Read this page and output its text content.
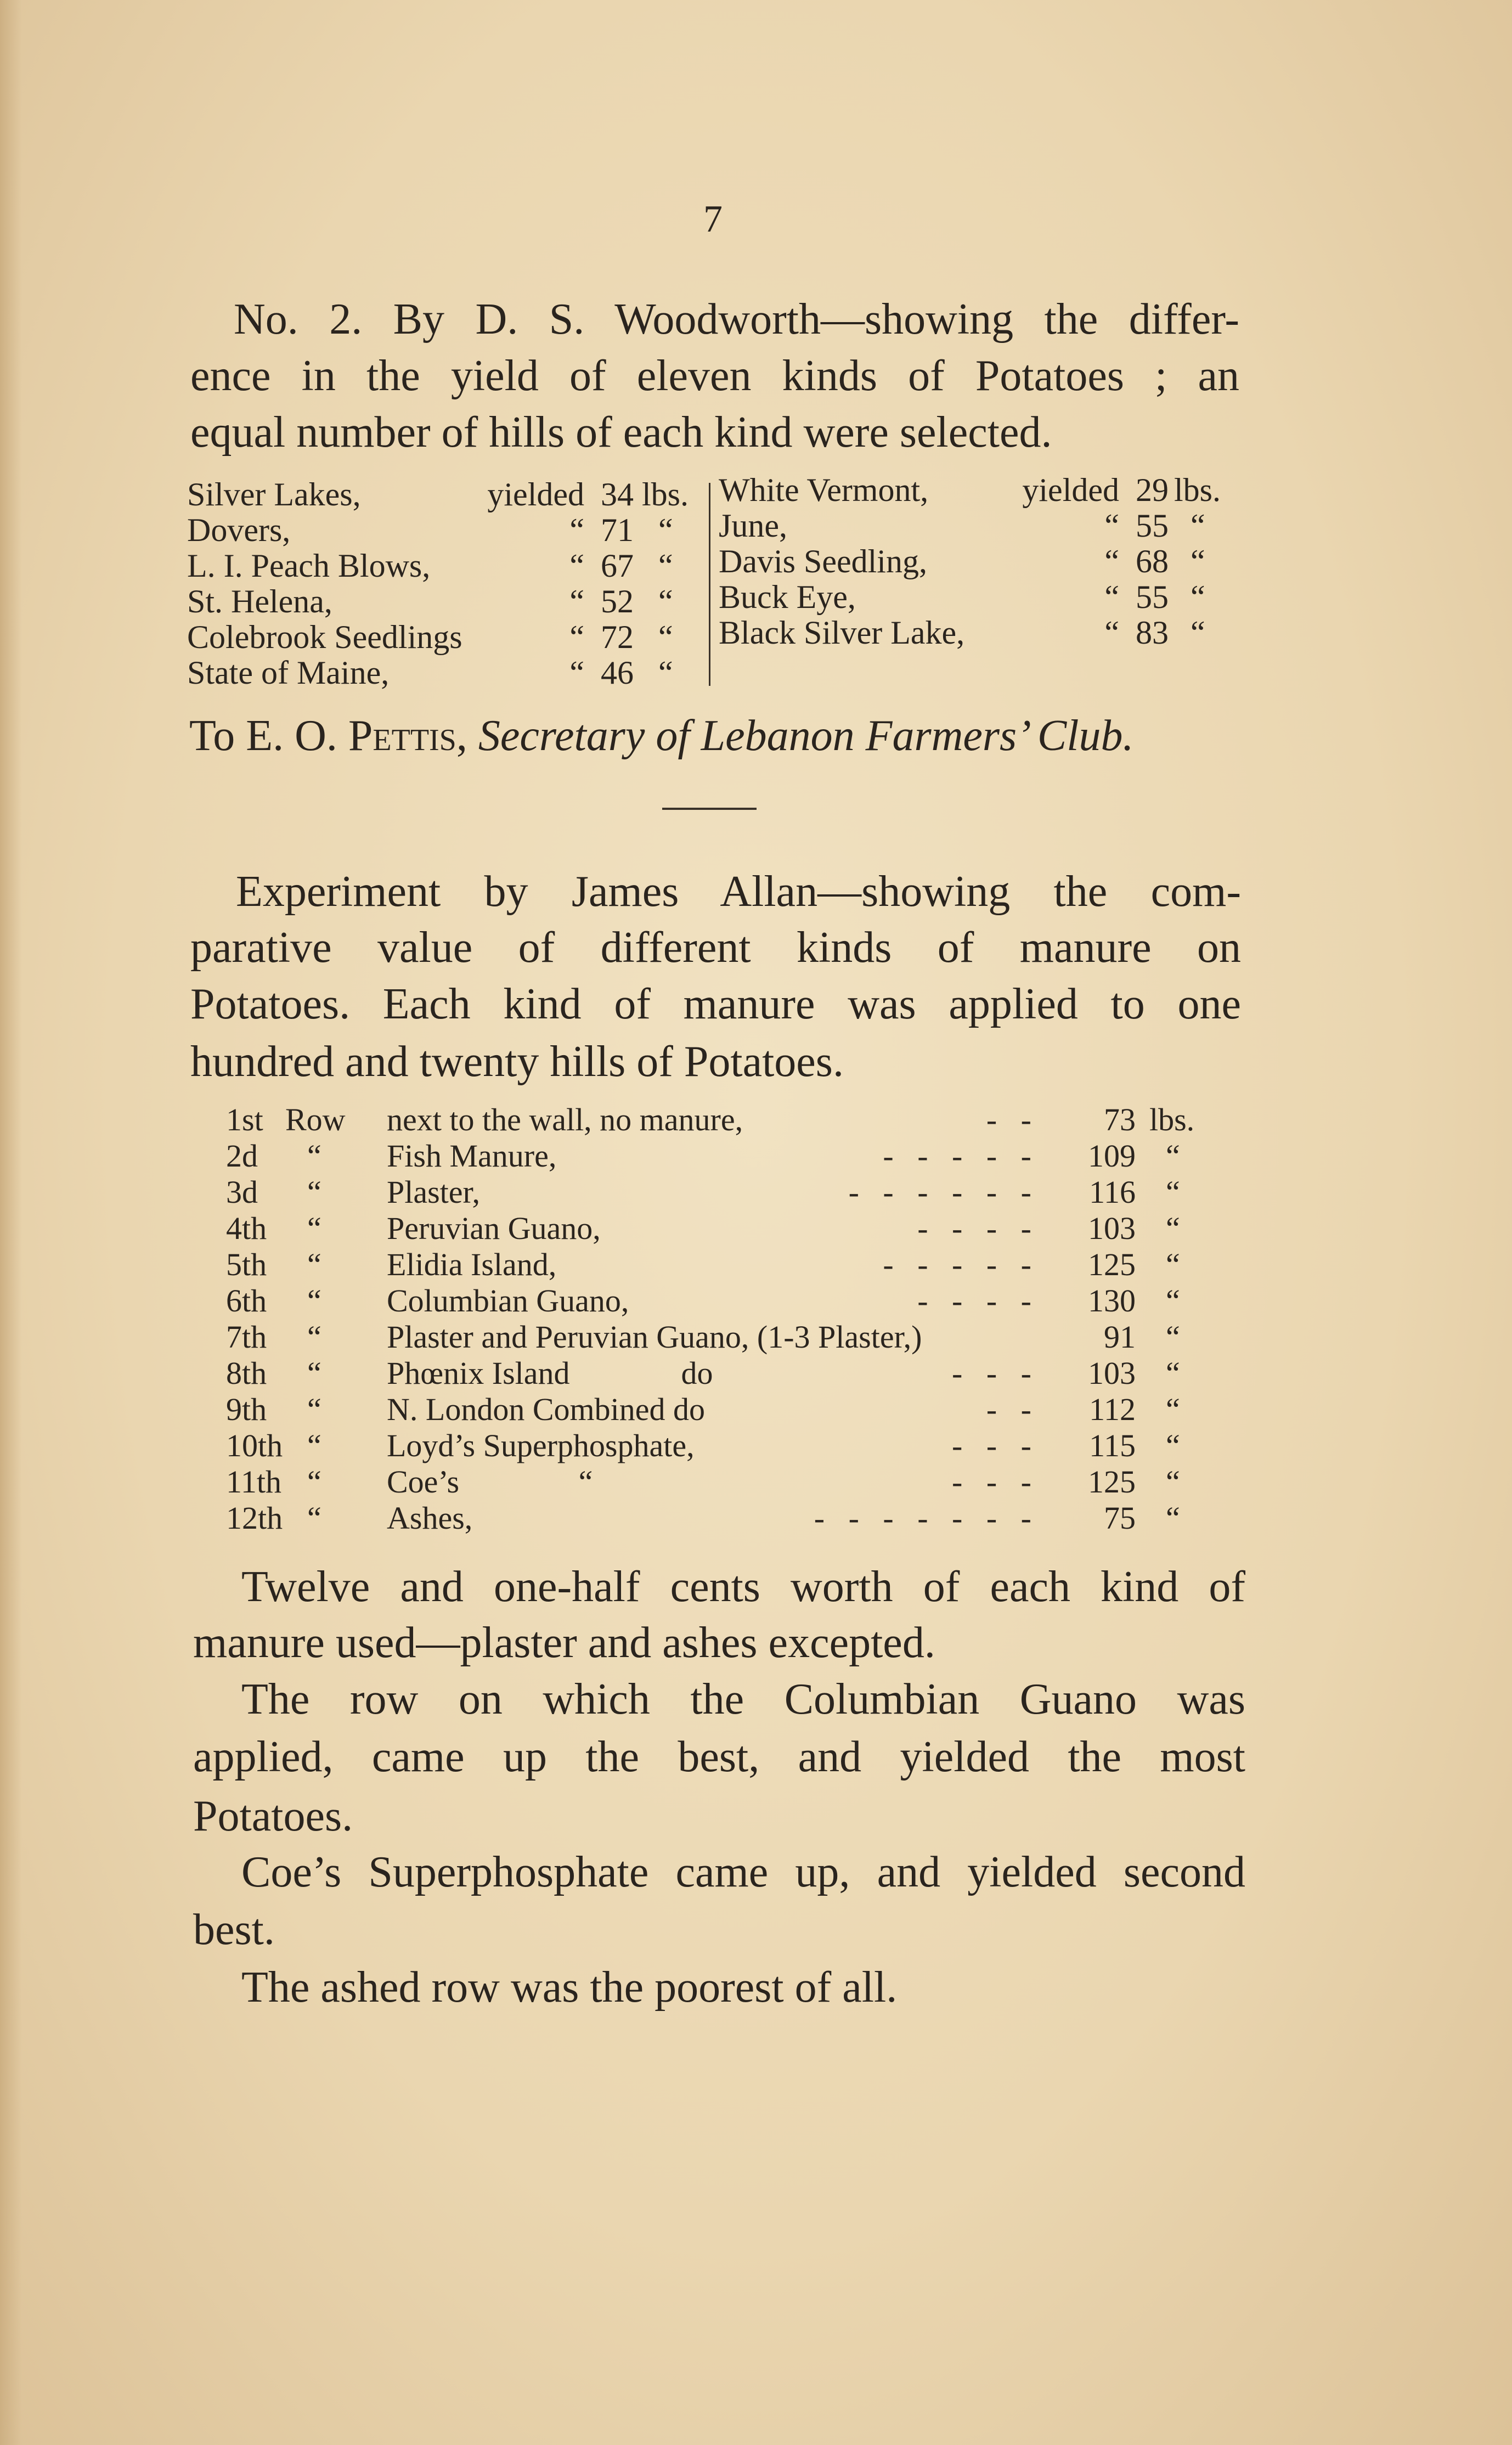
7
No. 2. By D. S. Woodworth—showing the differ-
ence in the yield of eleven kinds of Potatoes ; an
equal number of hills of each kind were selected.
Silver Lakes,	yielded 34 lbs.
Dovers,	“ 71 “
L. I. Peach Blows,	“ 67 “
St. Helena,	“ 52 “
Colebrook Seedlings	“ 72 “
State of Maine,	“ 46 “
White Vermont,	yielded 29 lbs.
June,	“ 55 “
Davis Seedling,	“ 68 “
Buck Eye,	“ 55 “
Black Silver Lake,	“ 83 “
To E. O. Pettis, Secretary of Lebanon Farmers’ Club.
Experiment by James Allan—showing the com-
parative value of different kinds of manure on
Potatoes. Each kind of manure was applied to one
hundred and twenty hills of Potatoes.
1st Row next to the wall, no manure,	-   - 73 lbs.
2d “ Fish Manure,	-   -   -   -   - 109 “
3d “ Plaster,	-   -   -   -   -   - 116 “
4th “ Peruvian Guano,	-   -   -   - 103 “
5th “ Elidia Island,	-   -   -   -   - 125 “
6th “ Columbian Guano,	-   -   -   - 130 “
7th “ Plaster and Peruvian Guano, (1-3 Plaster,)	91 “
8th “ Phœnix Island              do	-   -   - 103 “
9th “ N. London Combined do	-   - 112 “
10th “ Loyd’s Superphosphate,	-   -   - 115 “
11th “ Coe’s               “	-   -   - 125 “
12th “ Ashes,	-   -   -   -   -   -   - 75 “
Twelve and one-half cents worth of each kind of
manure used—plaster and ashes excepted.
The row on which the Columbian Guano was
applied, came up the best, and yielded the most
Potatoes.
Coe’s Superphosphate came up, and yielded second
best.
The ashed row was the poorest of all.
